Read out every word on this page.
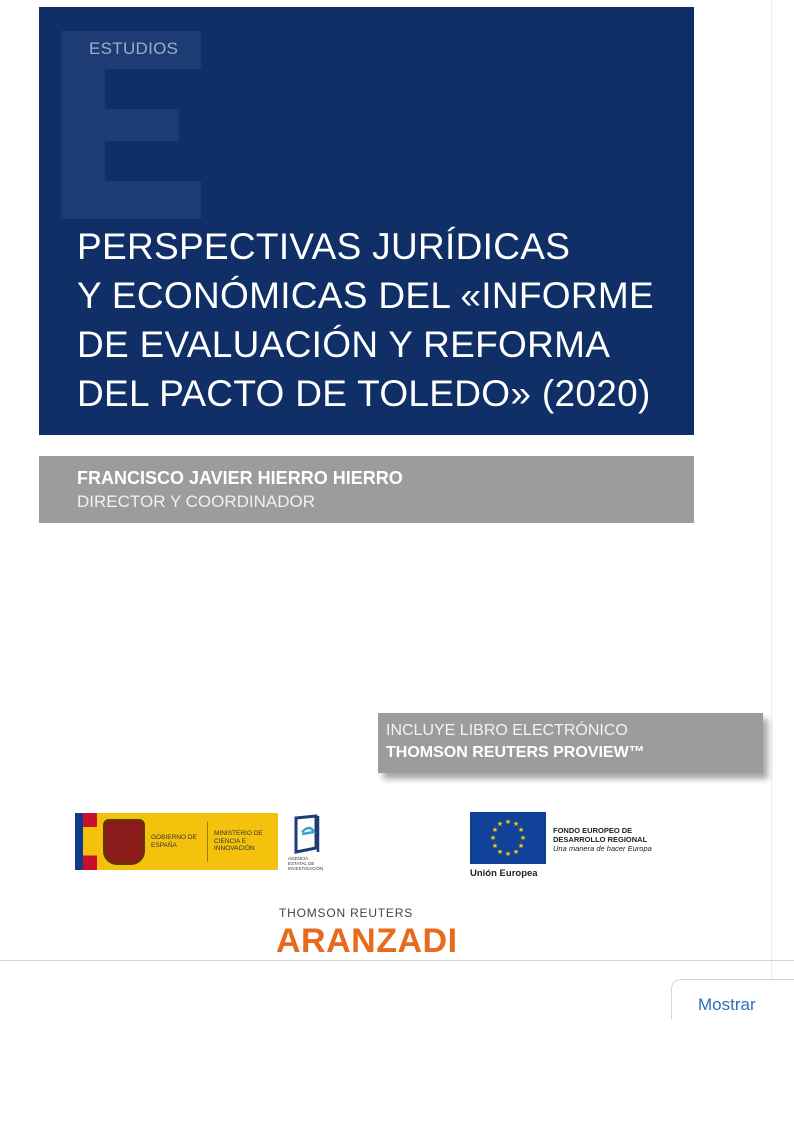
ESTUDIOS
PERSPECTIVAS JURÍDICAS
Y ECONÓMICAS DEL «INFORME
DE EVALUACIÓN Y REFORMA
DEL PACTO DE TOLEDO» (2020)
FRANCISCO JAVIER HIERRO HIERRO
DIRECTOR Y COORDINADOR
INCLUYE LIBRO ELECTRÓNICO
THOMSON REUTERS PROVIEW™
GOBIERNO DE ESPAÑA
MINISTERIO DE CIENCIA E INNOVACIÓN
AGENCIA ESTATAL DE INVESTIGACIÓN
★ ★
★
★
★
★
★
★
★
★
★
★
Unión Europea
FONDO EUROPEO DE
DESARROLLO REGIONAL
Una manera de hacer Europa
THOMSON REUTERS
ARANZADI
Mostrar
